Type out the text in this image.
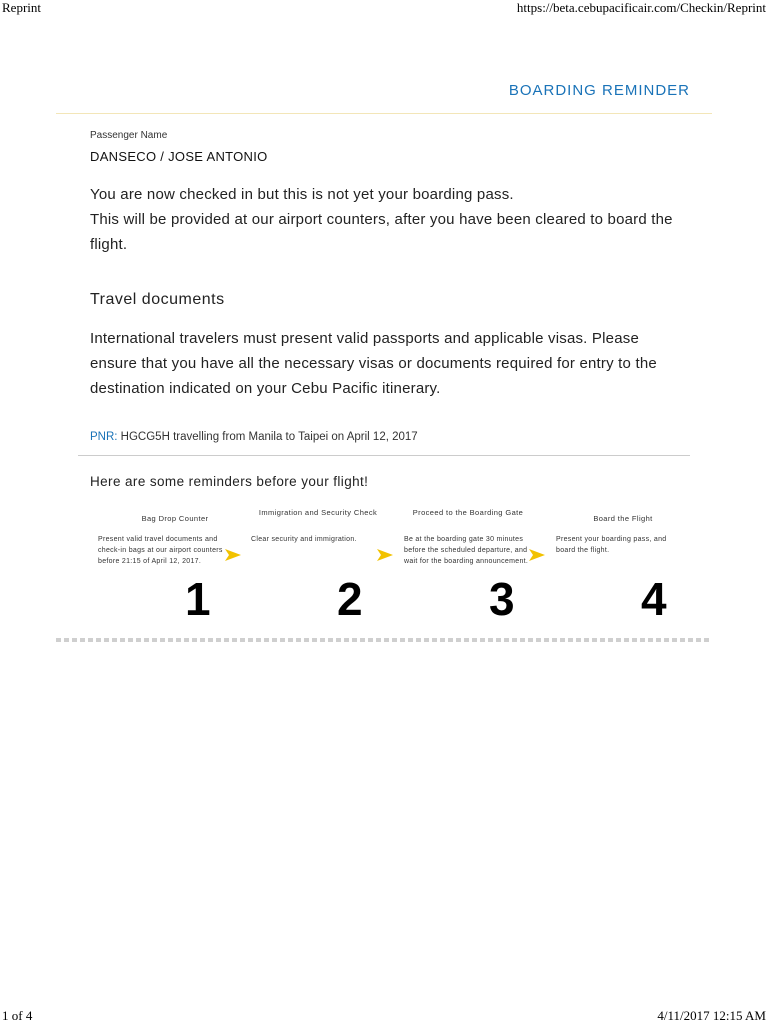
Reprint	https://beta.cebupacificair.com/Checkin/Reprint
BOARDING REMINDER
Passenger Name
DANSECO / JOSE ANTONIO
You are now checked in but this is not yet your boarding pass.
This will be provided at our airport counters, after you have been cleared to board the flight.
Travel documents
International travelers must present valid passports and applicable visas. Please ensure that you have all the necessary visas or documents required for entry to the destination indicated on your Cebu Pacific itinerary.
PNR: HGCG5H travelling from Manila to Taipei on April 12, 2017
Here are some reminders before your flight!
Bag Drop Counter
Present valid travel documents and check-in bags at our airport counters before 21:15 of April 12, 2017.
1
Immigration and Security Check
Clear security and immigration.
2
Proceed to the Boarding Gate
Be at the boarding gate 30 minutes before the scheduled departure, and wait for the boarding announcement.
3
Board the Flight
Present your boarding pass, and board the flight.
4
1 of 4	4/11/2017 12:15 AM
